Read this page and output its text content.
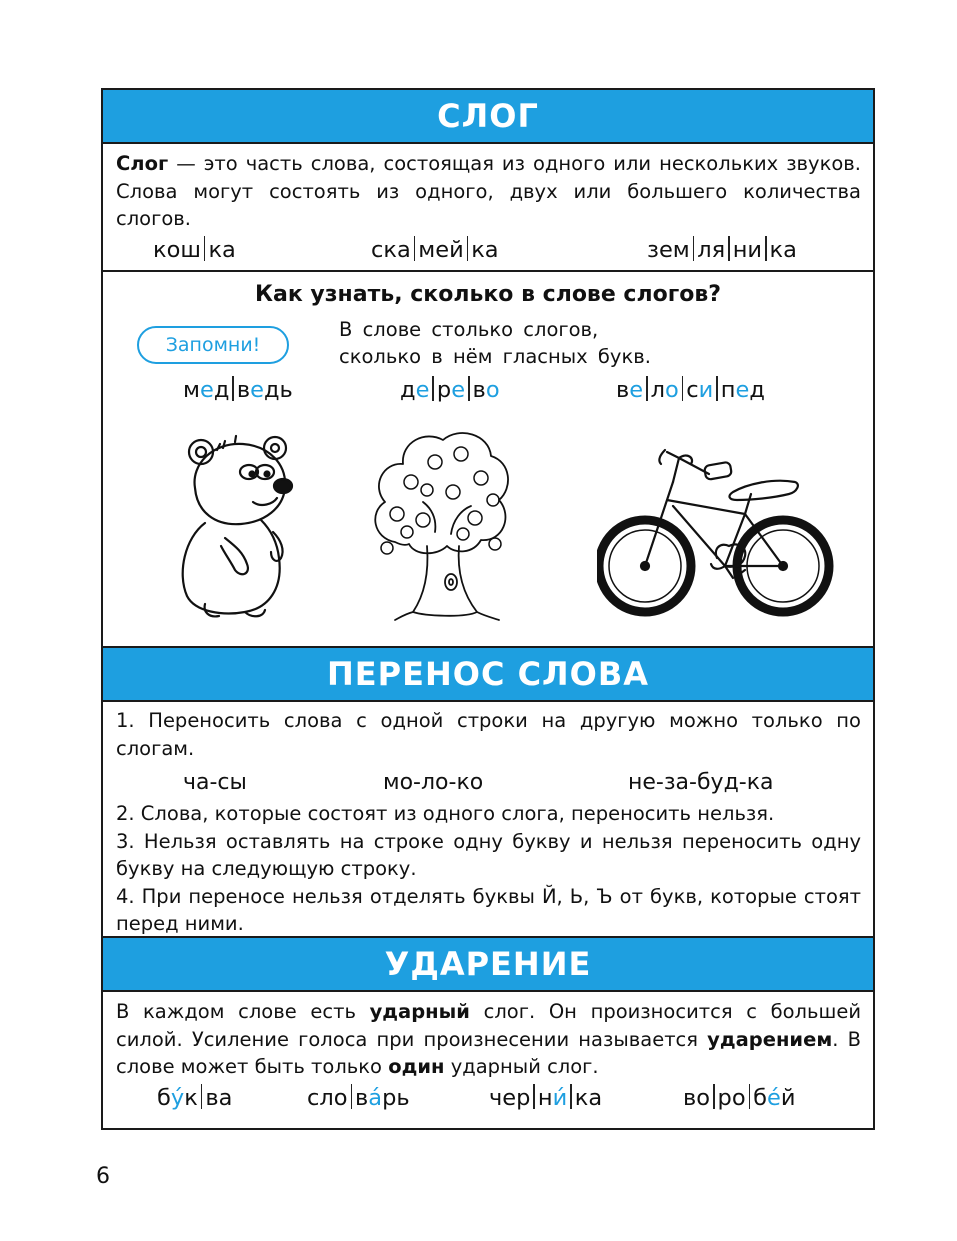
СЛОГ

Слог — это часть слова, состоящая из одного или нескольких звуков. Слова могут состоять из одного, двух или большего количества слогов.

кош ка	ска мей ка	зем ля ни ка
Как узнать, сколько в слове слогов?
Запомни!
В слове столько слогов,
сколько в нём гласных букв.
мед ведь	де ре во	ве ло си пед
ПЕРЕНОС СЛОВА

1. Переносить слова с одной строки на другую можно только по слогам.

ча-сы	мо-ло-ко	не-за-буд-ка

2. Слова, которые состоят из одного слога, переносить нельзя.

3. Нельзя оставлять на строке одну букву и нельзя переносить одну букву на следующую строку.

4. При переносе нельзя отделять буквы Й, Ь, Ъ от букв, которые стоят перед ними.

УДАРЕНИЕ

В каждом слове есть ударный слог. Он произносится с большей силой. Усиление голоса при произнесении называется ударением. В слове может быть только один ударный слог.

бу́к ва	сло ва́рь	чер ни́ ка	во ро бе́й
6
